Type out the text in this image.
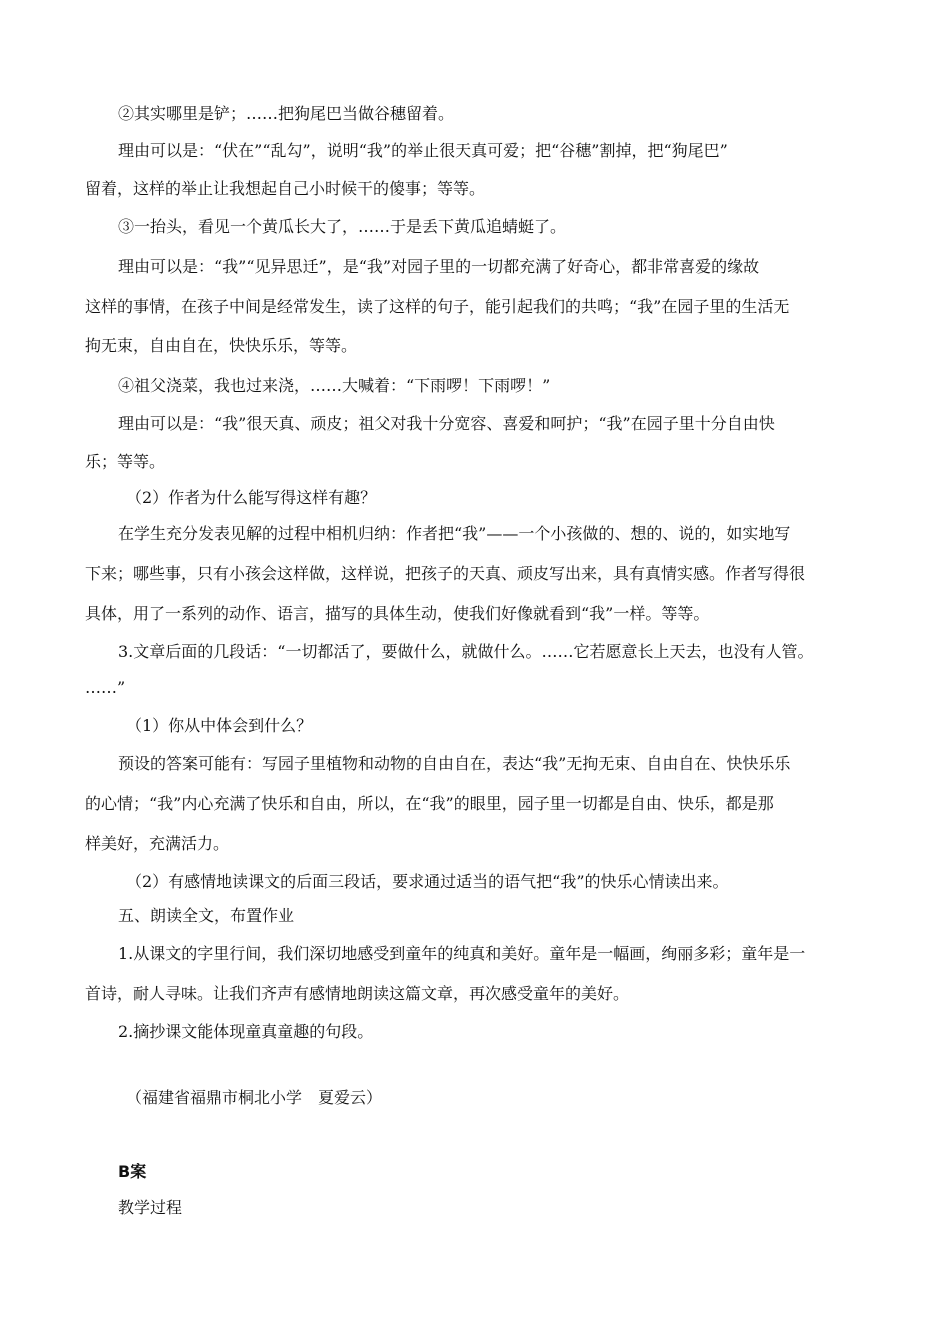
②其实哪里是铲；……把狗尾巴当做谷穗留着。
理由可以是：“伏在”“乱勾”，说明“我”的举止很天真可爱；把“谷穗”割掉，把“狗尾巴”
留着，这样的举止让我想起自己小时候干的傻事；等等。
③一抬头，看见一个黄瓜长大了，……于是丢下黄瓜追蜻蜓了。
理由可以是：“我”“见异思迁”，是“我”对园子里的一切都充满了好奇心，都非常喜爱的缘故
这样的事情，在孩子中间是经常发生，读了这样的句子，能引起我们的共鸣；“我”在园子里的生活无
拘无束，自由自在，快快乐乐，等等。
④祖父浇菜，我也过来浇，……大喊着：“下雨啰！下雨啰！”
理由可以是：“我”很天真、顽皮；祖父对我十分宽容、喜爱和呵护；“我”在园子里十分自由快
乐；等等。
（2）作者为什么能写得这样有趣？
在学生充分发表见解的过程中相机归纳：作者把“我”——一个小孩做的、想的、说的，如实地写
下来；哪些事，只有小孩会这样做，这样说，把孩子的天真、顽皮写出来，具有真情实感。作者写得很
具体，用了一系列的动作、语言，描写的具体生动，使我们好像就看到“我”一样。等等。
3.文章后面的几段话：“一切都活了，要做什么，就做什么。……它若愿意长上天去，也没有人管。
……”
（1）你从中体会到什么？
预设的答案可能有：写园子里植物和动物的自由自在，表达“我”无拘无束、自由自在、快快乐乐
的心情；“我”内心充满了快乐和自由，所以，在“我”的眼里，园子里一切都是自由、快乐，都是那
样美好，充满活力。
（2）有感情地读课文的后面三段话，要求通过适当的语气把“我”的快乐心情读出来。
五、朗读全文，布置作业
1.从课文的字里行间，我们深切地感受到童年的纯真和美好。童年是一幅画，绚丽多彩；童年是一
首诗，耐人寻味。让我们齐声有感情地朗读这篇文章，再次感受童年的美好。
2.摘抄课文能体现童真童趣的句段。
（福建省福鼎市桐北小学　夏爱云）
B案
教学过程
